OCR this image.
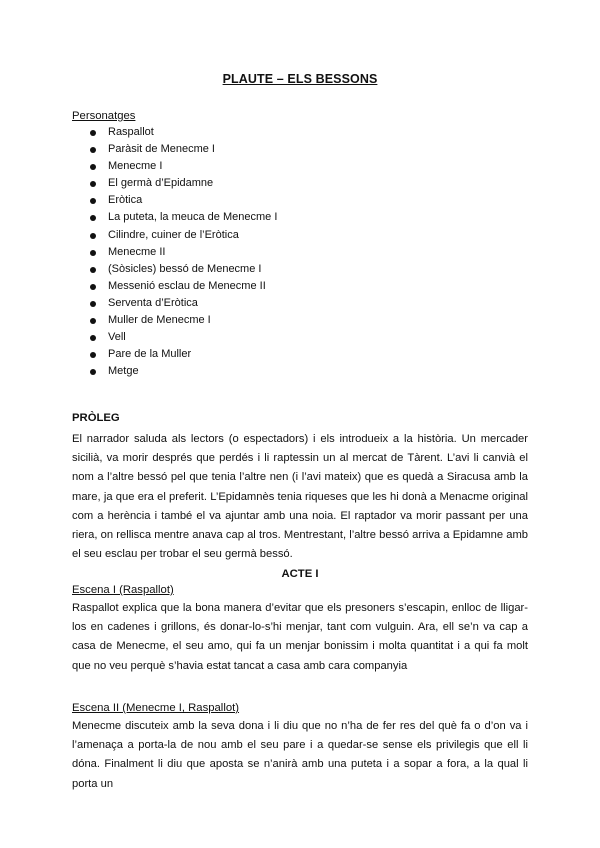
PLAUTE – ELS BESSONS
Personatges
Raspallot
Paràsit de Menecme I
Menecme I
El germà d’Epidamne
Eròtica
La puteta, la meuca de Menecme I
Cilindre, cuiner de l’Eròtica
Menecme II
(Sòsicles) bessó de Menecme I
Messenió esclau de Menecme II
Serventa d’Eròtica
Muller de Menecme I
Vell
Pare de la Muller
Metge
PRÒLEG

El narrador saluda als lectors (o espectadors) i els introdueix a la història. Un mercader sicilià, va morir després que perdés i li raptessin un al mercat de Tàrent. L’avi li canvià el nom a l’altre bessó pel que tenia l’altre nen (i l’avi mateix) que es quedà a Siracusa amb la mare, ja que era el preferit. L’Epidamnès tenia riqueses que les hi donà a Menacme original com a herència i també el va ajuntar amb una noia. El raptador va morir passant per una riera, on rellisca mentre anava cap al tros. Mentrestant, l’altre bessó arriva a Epidamne amb el seu esclau per trobar el seu germà bessó.

ACTE I
Escena I (Raspallot)

Raspallot explica que la bona manera d’evitar que els presoners s’escapin, enlloc de lligar-los en cadenes i grillons, és donar-lo-s’hi menjar, tant com vulguin. Ara, ell se’n va cap a casa de Menecme, el seu amo, qui fa un menjar bonissim i molta quantitat i a qui fa molt que no veu perquè s’havia estat tancat a casa amb cara companyia

Escena II (Menecme I, Raspallot)

Menecme discuteix amb la seva dona i li diu que no n’ha de fer res del què fa o d’on va i l’amenaça a porta-la de nou amb el seu pare i a quedar-se sense els privilegis que ell li dóna. Finalment li diu que aposta se n’anirà amb una puteta i a sopar a fora, a la qual li porta un
